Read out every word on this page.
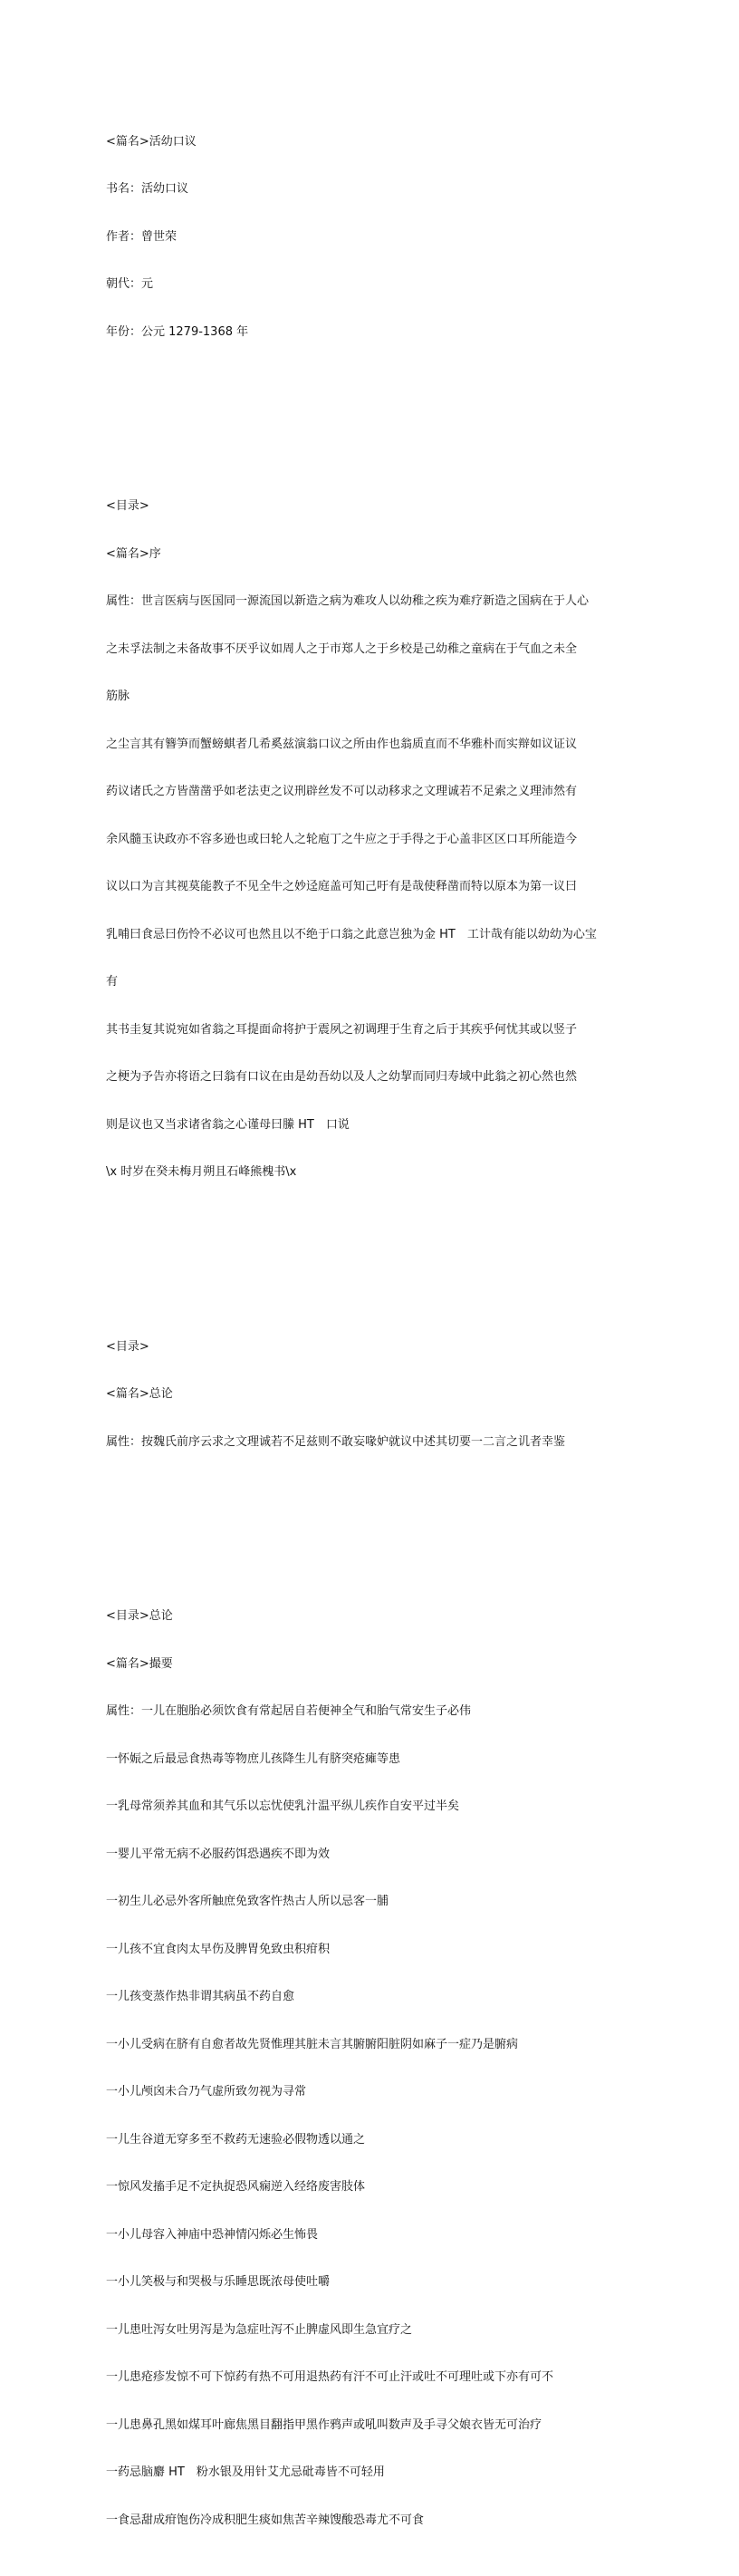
<篇名>活幼口议

书名：活幼口议

作者：曾世荣

朝代：元

年份：公元 1279-1368 年

<目录>

<篇名>序

属性：世言医病与医国同一源流国以新造之病为难攻人以幼稚之疾为难疗新造之国病在于人心

之未孚法制之未备故事不厌乎议如周人之于市郑人之于乡校是己幼稚之童病在于气血之未全

筋脉

之尘言其有簪笋而蟹螃蜞者几希奚兹演翁口议之所由作也翁质直而不华雅朴而实辩如议证议

药议诸氏之方皆凿凿乎如老法吏之议刑辟丝发不可以动移求之文理诚若不足索之义理沛然有

余风髓玉诀政亦不容多逊也或曰轮人之轮庖丁之牛应之于手得之于心盖非区区口耳所能造今

议以口为言其视莫能教子不见全牛之妙迳庭盖可知己吁有是哉使释凿而特以原本为第一议曰

乳哺曰食忌曰伤怜不必议可也然且以不绝于口翁之此意岂独为金 HT　工计哉有能以幼幼为心宝

有

其书圭复其说宛如省翁之耳提面命将护于震夙之初调理于生育之后于其疾乎何忧其或以竖子

之梗为予告亦将语之曰翁有口议在由是幼吾幼以及人之幼挈而同归寿域中此翁之初心然也然

则是议也又当求诸省翁之心谨母曰縢 HT　口说

\x 时岁在癸未梅月朔且石峰熊槐书\x

<目录>

<篇名>总论

属性：按魏氏前序云求之文理诚若不足兹则不敢妄喙妒就议中述其切要一二言之讥者幸鉴

<目录>总论

<篇名>撮要

属性：一儿在胞胎必须饮食有常起居自若便神全气和胎气常安生子必伟

一怀娠之后最忌食热毒等物庶儿孩降生儿有脐突疮瘫等患

一乳母常须养其血和其气乐以忘忧使乳汁温平纵儿疾作自安平过半矣

一婴儿平常无病不必服药饵恐遇疾不即为效

一初生儿必忌外客所触庶免致客忤热古人所以忌客一脯

一儿孩不宜食肉太早伤及脾胃免致虫积疳积

一儿孩变蒸作热非谓其病虽不药自愈

一小儿受病在脐有自愈者故先贤惟理其脏未言其腑腑阳脏阴如麻子一症乃是腑病

一小儿颅囟未合乃气虚所致勿视为寻常

一儿生谷道无穿多至不救药无速验必假物透以通之

一惊风发搐手足不定执捉恐风痫逆入经络废害肢体

一小儿母容入神庙中恐神情闪烁必生怖畏

一小儿笑极与和哭极与乐睡思既浓母使吐嚼

一儿患吐泻女吐男泻是为急症吐泻不止脾虚风即生急宜疗之

一儿患疮疹发惊不可下惊药有热不可用退热药有汗不可止汗或吐不可理吐或下亦有可不

一儿患鼻孔黑如煤耳叶廊焦黑目翻指甲黑作鸦声或吼叫数声及手寻父娘衣皆无可治疗

一药忌脑麝 HT　粉水银及用针艾尤忌砒毒皆不可轻用

一食忌甜成疳饱伤冷成积肥生痰如焦苦辛辣馊酸恐毒尤不可食
